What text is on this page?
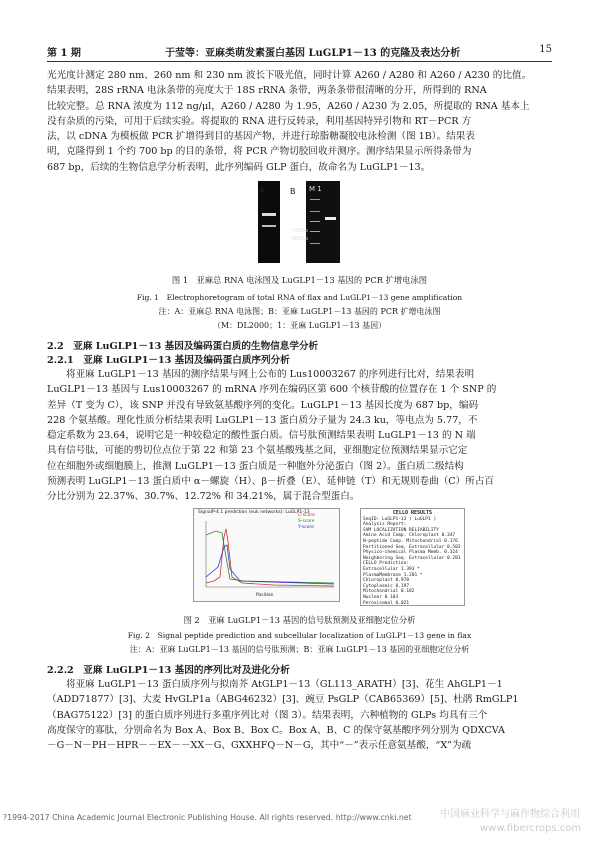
第 1 期	于莹等：亚麻类萌发素蛋白基因 LuGLP1－13 的克隆及表达分析	15
光光度计测定 280 nm、260 nm 和 230 nm 波长下吸光值，同时计算 A260 / A280 和 A260 / A230 的比值。
结果表明，28S rRNA 电泳条带的亮度大于 18S rRNA 条带，两条条带很清晰的分开，所得到的 RNA
比较完整。总 RNA 浓度为 112 ng/μl，A260 / A280 为 1.95，A260 / A230 为 2.05，所提取的 RNA 基本上
没有杂质的污染，可用于后续实验。将提取的 RNA 进行反转录，利用基因特异引物和 RT－PCR 方
法，以 cDNA 为模板做 PCR 扩增得到目的基因产物，并进行琼脂糖凝胶电泳检测（图 1B）。结果表
明，克隆得到 1 个约 700 bp 的目的条带，将 PCR 产物切胶回收并测序。测序结果显示所得条带为
687 bp，后续的生物信息学分析表明，此序列编码 GLP 蛋白，故命名为 LuGLP1－13。
A	B M 1
750bp
500bp
图 1　亚麻总 RNA 电泳图及 LuGLP1－13 基因的 PCR 扩增电泳图
Fig. 1　Electrophoretogram of total RNA of flax and LuGLP1－13 gene amplification
注：A：亚麻总 RNA 电泳图；B：亚麻 LuGLP1－13 基因的 PCR 扩增电泳图
（M：DL2000；1：亚麻 LuGLP1－13 基因）
2.2　亚麻 LuGLP1－13 基因及编码蛋白质的生物信息学分析
2.2.1　亚麻 LuGLP1－13 基因及编码蛋白质序列分析
将亚麻 LuGLP1－13 基因的测序结果与网上公布的 Lus10003267 的序列进行比对，结果表明
LuGLP1－13 基因与 Lus10003267 的 mRNA 序列在编码区第 600 个核苷酸的位置存在 1 个 SNP 的
差异（T 变为 C），该 SNP 并没有导致氨基酸序列的变化。LuGLP1－13 基因长度为 687 bp，编码
228 个氨基酸。理化性质分析结果表明 LuGLP1－13 蛋白质分子量为 24.3 ku，等电点为 5.77，不
稳定系数为 23.64，说明它是一种较稳定的酸性蛋白质。信号肽预测结果表明 LuGLP1－13 的 N 端
具有信号肽，可能的剪切位点位于第 22 和第 23 个氨基酸残基之间，亚细胞定位预测结果显示它定
位在细胞外或细胞膜上，推测 LuGLP1－13 蛋白质是一种胞外分泌蛋白（图 2）。蛋白质二级结构
预测表明 LuGLP1－13 蛋白质中 α－螺旋（H）、β－折叠（E）、延伸链（T）和无规则卷曲（C）所占百
分比分别为 22.37%、30.7%、12.72% 和 34.21%，属于混合型蛋白。
SignalP-4.1 prediction (euk networks): LuGLP1-13
C-score
S-score
Y-score
Position
CELLO RESULTS
SeqID: LuGLP1-13 ( LuGLP1 )
Analysis Report:
SVM LOCALIZATION RELIABILITY
Amino Acid Comp. Chloroplast 0.347
N-peptide Comp. Mitochondrial 0.176
Partitioned Seq. Extracellular 0.502
Physico-chemical Plasma Memb. 0.324
Neighboring Seq. Extracellular 0.281
CELLO Prediction:
Extracellular 1.393 *
PlasmaMembrane 1.201 *
Chloroplast 0.970
Cytoplasmic 0.197
Mitochondrial 0.182
Nuclear 0.103
Peroxisomal 0.021
图 2　亚麻 LuGLP1－13 基因的信号肽预测及亚细胞定位分析
Fig. 2　Signal peptide prediction and subcellular localization of LuGLP1－13 gene in flax
注：A：亚麻 LuGLP1－13 基因的信号肽预测；B：亚麻 LuGLP1－13 基因的亚细胞定位分析
2.2.2　亚麻 LuGLP1－13 基因的序列比对及进化分析
将亚麻 LuGLP1－13 蛋白质序列与拟南芥 AtGLP1－13（GL113_ARATH）[3]、花生 AhGLP1－1
（ADD71877）[3]、大麦 HvGLP1a（ABG46232）[3]、豌豆 PsGLP（CAB65369）[5]、杜鹃 RmGLP1
（BAG75122）[3] 的蛋白质序列进行多重序列比对（图 3）。结果表明，六种植物的 GLPs 均具有三个
高度保守的寡肽，分别命名为 Box A、Box B、Box C。Box A、B、C 的保守氨基酸序列分别为 QDXCVA
－G－N－PH－HPR－－EX－－XX－G、GXXHFQ－N－G，其中“－”表示任意氨基酸，“X”为疏
?1994-2017 China Academic Journal Electronic Publishing House. All rights reserved. http://www.cnki.net	中国麻业科学与麻作物综合利用
www.fibercrops.com
